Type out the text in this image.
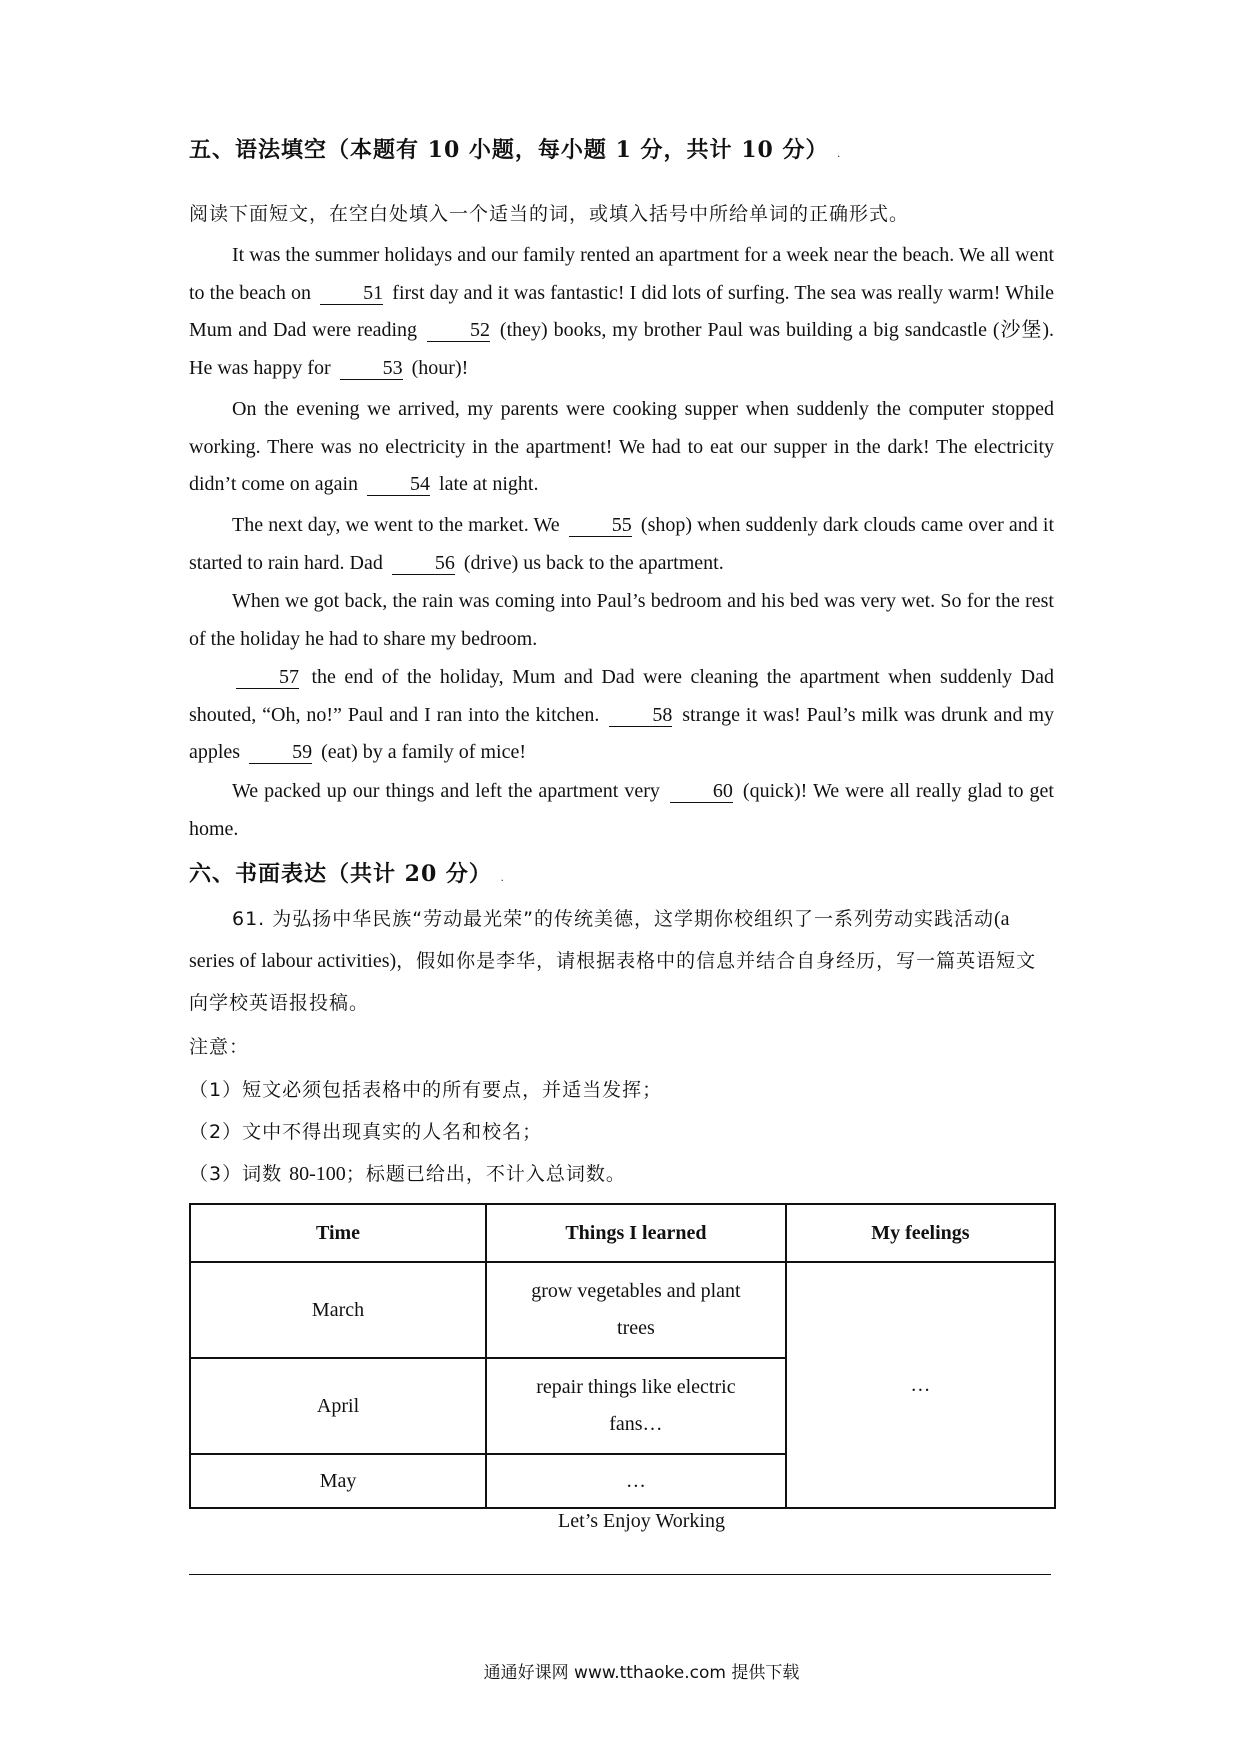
五、语法填空（本题有 10 小题，每小题 1 分，共计 10 分） .
阅读下面短文，在空白处填入一个适当的词，或填入括号中所给单词的正确形式。
It was the summer holidays and our family rented an apartment for a week near the beach. We all went to the beach on	51 first day and it was fantastic! I did lots of surfing. The sea was really warm! While Mum and Dad were reading	52 (they) books, my brother Paul was building a big sandcastle (沙堡). He was happy for	53 (hour)!
On the evening we arrived, my parents were cooking supper when suddenly the computer stopped working. There was no electricity in the apartment! We had to eat our supper in the dark! The electricity didn’t come on again	54 late at night.
The next day, we went to the market. We	55 (shop) when suddenly dark clouds came over and it started to rain hard. Dad	56 (drive) us back to the apartment.
When we got back, the rain was coming into Paul’s bedroom and his bed was very wet. So for the rest of the holiday he had to share my bedroom.
57 the end of the holiday, Mum and Dad were cleaning the apartment when suddenly Dad shouted, “Oh, no!” Paul and I ran into the kitchen.	58 strange it was! Paul’s milk was drunk and my apples	59 (eat) by a family of mice!
We packed up our things and left the apartment very	60 (quick)! We were all really glad to get home.
六、书面表达（共计 20 分） .
61. 为弘扬中华民族“劳动最光荣”的传统美德，这学期你校组织了一系列劳动实践活动(a series of labour activities)，假如你是李华，请根据表格中的信息并结合自身经历，写一篇英语短文向学校英语报投稿。
注意：
（1）短文必须包括表格中的所有要点，并适当发挥；
（2）文中不得出现真实的人名和校名；
（3）词数 80-100；标题已给出，不计入总词数。
Time	Things I learned	My feelings
March	grow vegetables and plant trees	…
April	repair things like electric fans…	
May	…	
Let’s Enjoy Working
通通好课网 www.tthaoke.com 提供下载
